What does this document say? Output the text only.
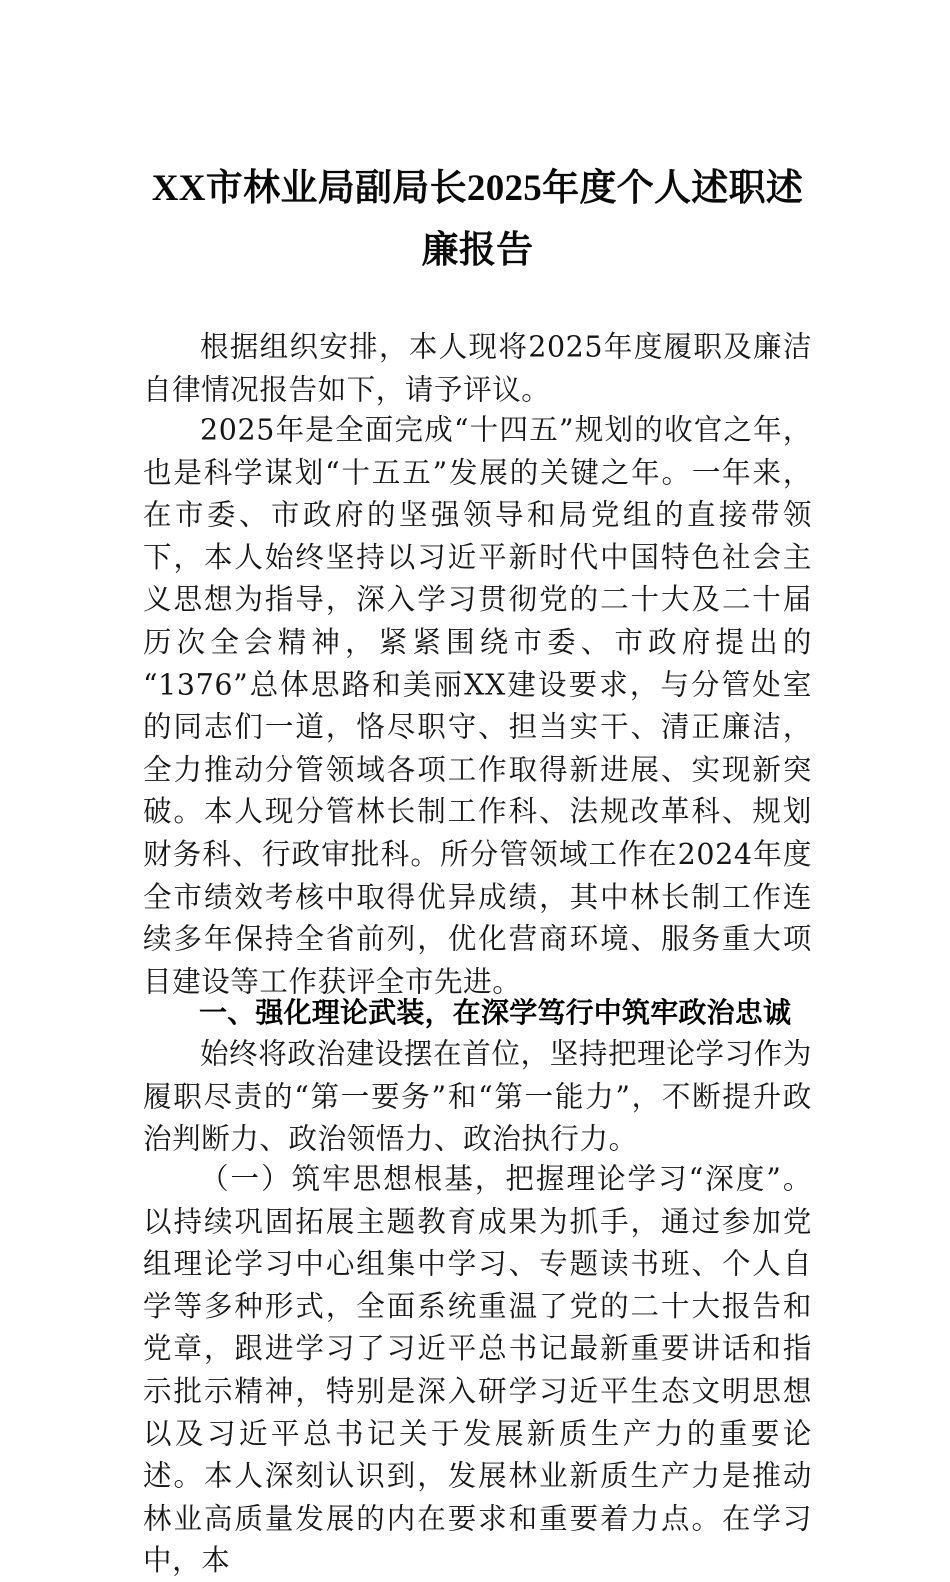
XX市林业局副局长2025年度个人述职述廉报告

根据组织安排，本人现将2025年度履职及廉洁自律情况报告如下，请予评议。

2025年是全面完成“十四五”规划的收官之年，也是科学谋划“十五五”发展的关键之年。一年来，在市委、市政府的坚强领导和局党组的直接带领下，本人始终坚持以习近平新时代中国特色社会主义思想为指导，深入学习贯彻党的二十大及二十届历次全会精神，紧紧围绕市委、市政府提出的“1376”总体思路和美丽XX建设要求，与分管处室的同志们一道，恪尽职守、担当实干、清正廉洁，全力推动分管领域各项工作取得新进展、实现新突破。本人现分管林长制工作科、法规改革科、规划财务科、行政审批科。所分管领域工作在2024年度全市绩效考核中取得优异成绩，其中林长制工作连续多年保持全省前列，优化营商环境、服务重大项目建设等工作获评全市先进。

一、强化理论武装，在深学笃行中筑牢政治忠诚

始终将政治建设摆在首位，坚持把理论学习作为履职尽责的“第一要务”和“第一能力”，不断提升政治判断力、政治领悟力、政治执行力。

（一）筑牢思想根基，把握理论学习“深度”。以持续巩固拓展主题教育成果为抓手，通过参加党组理论学习中心组集中学习、专题读书班、个人自学等多种形式，全面系统重温了党的二十大报告和党章，跟进学习了习近平总书记最新重要讲话和指示批示精神，特别是深入研学习近平生态文明思想以及习近平总书记关于发展新质生产力的重要论述。本人深刻认识到，发展林业新质生产力是推动林业高质量发展的内在要求和重要着力点。在学习中，本
